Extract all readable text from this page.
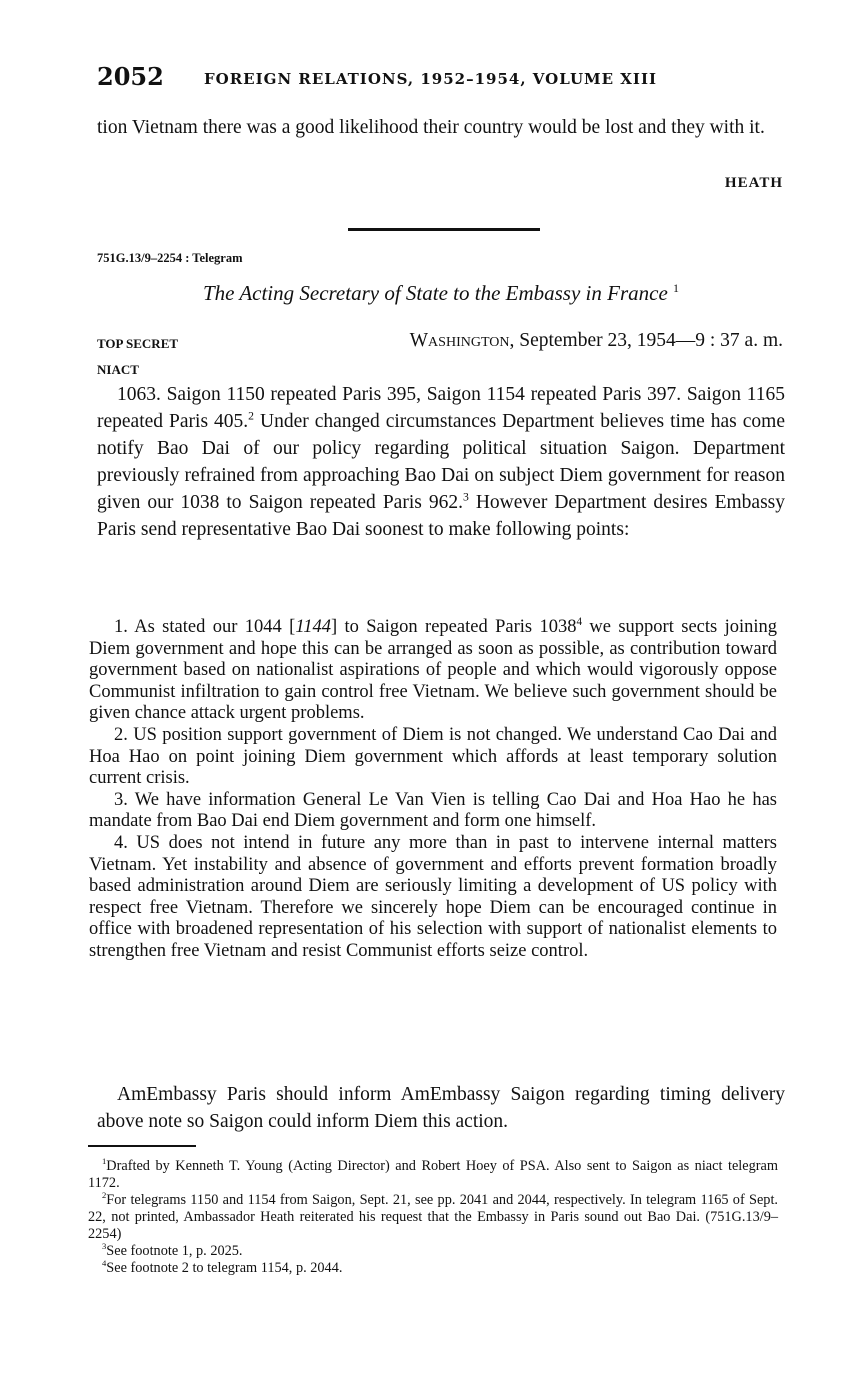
2052	FOREIGN RELATIONS, 1952–1954, VOLUME XIII

tion Vietnam there was a good likelihood their country would be lost and they with it.

HEATH
751G.13/9–2254 : Telegram
The Acting Secretary of State to the Embassy in France $^1$
TOP SECRET
NIACT
Washington, September 23, 1954—9 : 37 a. m.

1063. Saigon 1150 repeated Paris 395, Saigon 1154 repeated Paris 397. Saigon 1165 repeated Paris 405.$^2$ Under changed circumstances Department believes time has come notify Bao Dai of our policy regarding political situation Saigon. Department previously refrained from approaching Bao Dai on subject Diem government for reason given our 1038 to Saigon repeated Paris 962.$^3$ However Department desires Embassy Paris send representative Bao Dai soonest to make following points:

1. As stated our 1044 [1144] to Saigon repeated Paris 1038$^4$ we support sects joining Diem government and hope this can be arranged as soon as possible, as contribution toward government based on nationalist aspirations of people and which would vigorously oppose Communist infiltration to gain control free Vietnam. We believe such government should be given chance attack urgent problems.

2. US position support government of Diem is not changed. We understand Cao Dai and Hoa Hao on point joining Diem government which affords at least temporary solution current crisis.

3. We have information General Le Van Vien is telling Cao Dai and Hoa Hao he has mandate from Bao Dai end Diem government and form one himself.

4. US does not intend in future any more than in past to intervene internal matters Vietnam. Yet instability and absence of government and efforts prevent formation broadly based administration around Diem are seriously limiting a development of US policy with respect free Vietnam. Therefore we sincerely hope Diem can be encouraged continue in office with broadened representation of his selection with support of nationalist elements to strengthen free Vietnam and resist Communist efforts seize control.

AmEmbassy Paris should inform AmEmbassy Saigon regarding timing delivery above note so Saigon could inform Diem this action.

$^1$Drafted by Kenneth T. Young (Acting Director) and Robert Hoey of PSA. Also sent to Saigon as niact telegram 1172.

$^2$For telegrams 1150 and 1154 from Saigon, Sept. 21, see pp. 2041 and 2044, respectively. In telegram 1165 of Sept. 22, not printed, Ambassador Heath reiterated his request that the Embassy in Paris sound out Bao Dai. (751G.13/9–2254)

$^3$See footnote 1, p. 2025.

$^4$See footnote 2 to telegram 1154, p. 2044.
